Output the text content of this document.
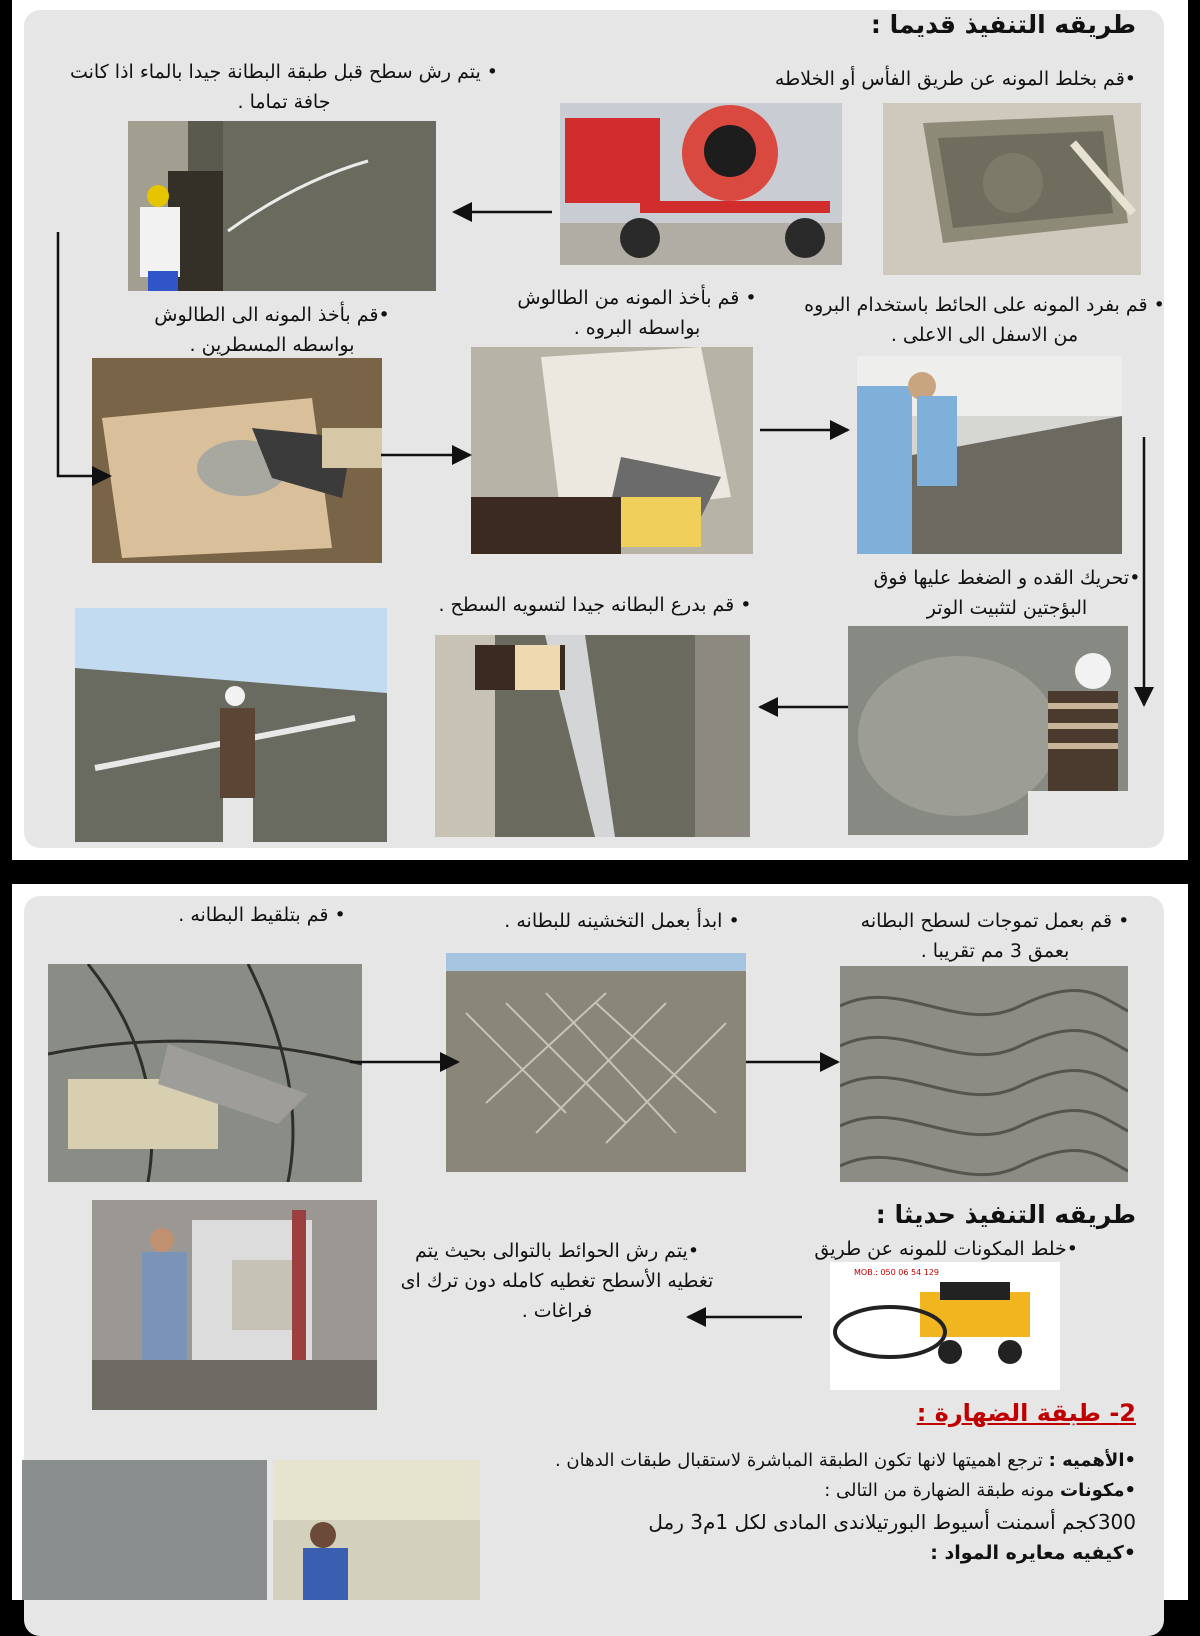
طريقه التنفيذ قديما :
•قم بخلط المونه عن طريق الفأس أو الخلاطه
• يتم رش سطح قبل طبقة البطانة جيدا بالماء اذا كانت جافة تماما .
•قم بأخذ المونه الى الطالوش بواسطه المسطرين .
• قم بأخذ المونه من الطالوش بواسطه البروه .
• قم بفرد المونه على الحائط باستخدام البروه من الاسفل الى الاعلى .
•تحريك القده و الضغط عليها فوق البؤجتين لتثبيت الوتر
• قم بدرع البطانه جيدا لتسويه السطح .
• قم بعمل تموجات لسطح البطانه بعمق 3 مم تقريبا .
• ابدأ بعمل التخشينه للبطانه .
• قم بتلقيط البطانه .
طريقه التنفيذ حديثا :
•خلط المكونات للمونه عن طريق
•يتم رش الحوائط بالتوالى بحيث يتم تغطيه الأسطح تغطيه كامله دون ترك اى فراغات .
MOB.: 050 06 54 129
2- طبقة الضهارة :
•الأهميه : ترجع اهميتها لانها تكون الطبقة المباشرة لاستقبال طبقات الدهان .
•مكونات مونه طبقة الضهارة من التالى :
300كجم أسمنت أسيوط البورتيلاندى المادى لكل 1م3 رمل
•كيفيه معايره المواد :
